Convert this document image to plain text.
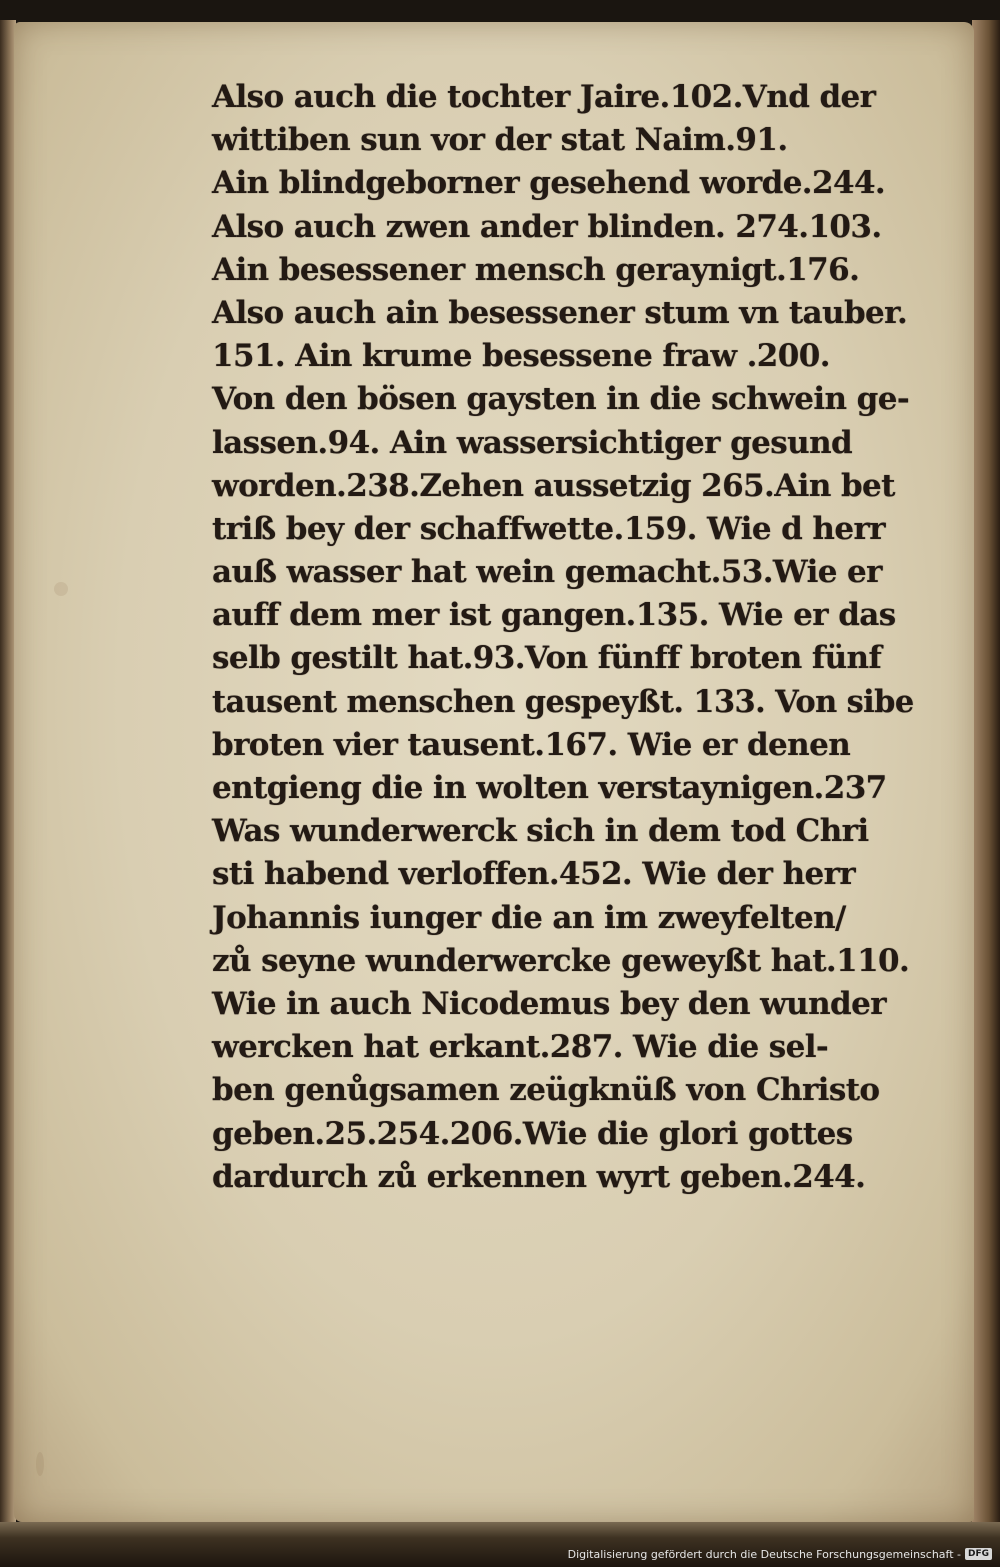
Also auch die tochter Jaire.102.Vnd der
wittiben sun vor der stat Naim.91.
Ain blindgeborner gesehend worde.244.
Also auch zwen ander blinden. 274.103.
Ain besessener mensch geraynigt.176.
Also auch ain besessener stum vn tauber.
151. Ain krume besessene fraw .200.
Von den bösen gaysten in die schwein ge-
lassen.94. Ain wassersichtiger gesund
worden.238.Zehen aussetzig 265.Ain bet
triß bey der schaffwette.159. Wie d herr
auß wasser hat wein gemacht.53.Wie er
auff dem mer ist gangen.135. Wie er das
selb gestilt hat.93.Von fünff broten fünf
tausent menschen gespeyßt. 133. Von sibe
broten vier tausent.167. Wie er denen
entgieng die in wolten verstaynigen.237
Was wunderwerck sich in dem tod Chri
sti habend verloffen.452. Wie der herr
Johannis iunger die an im zweyfelten/
zů seyne wunderwercke geweyßt hat.110.
Wie in auch Nicodemus bey den wunder
wercken hat erkant.287. Wie die sel-
ben genůgsamen zeügknüß von Christo
geben.25.254.206.Wie die glori gottes
dardurch zů erkennen wyrt geben.244.
Digitalisierung gefördert durch die Deutsche Forschungsgemeinschaft - DFG
